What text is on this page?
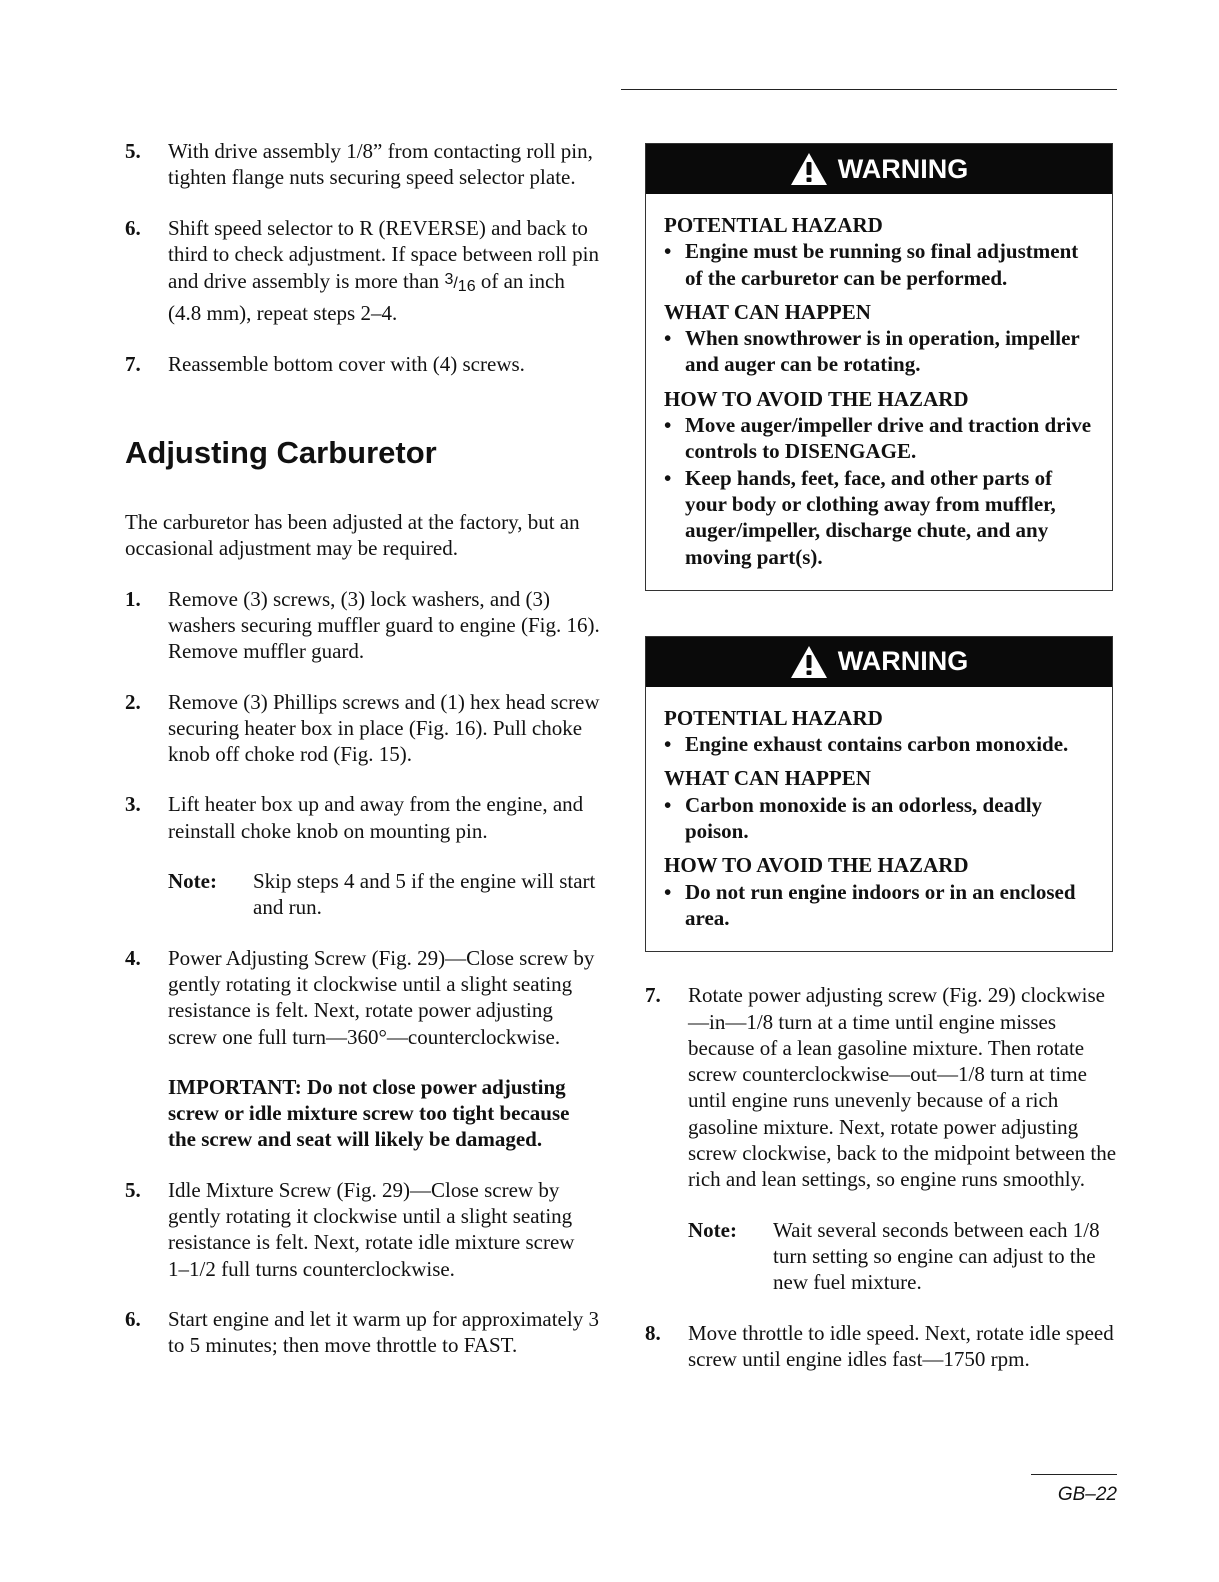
5. With drive assembly 1/8” from contacting roll pin, tighten flange nuts securing speed selector plate.
6. Shift speed selector to R (REVERSE) and back to third to check adjustment. If space between roll pin and drive assembly is more than $^3/_{16}$ of an inch (4.8 mm), repeat steps 2–4.
7. Reassemble bottom cover with (4) screws.
Adjusting Carburetor
The carburetor has been adjusted at the factory, but an occasional adjustment may be required.
1. Remove (3) screws, (3) lock washers, and (3) washers securing muffler guard to engine (Fig. 16). Remove muffler guard.
2. Remove (3) Phillips screws and (1) hex head screw securing heater box in place (Fig. 16). Pull choke knob off choke rod (Fig. 15).
3. Lift heater box up and away from the engine, and reinstall choke knob on mounting pin.
Note: Skip steps 4 and 5 if the engine will start and run.
4. Power Adjusting Screw (Fig. 29)—Close screw by gently rotating it clockwise until a slight seating resistance is felt. Next, rotate power adjusting screw one full turn—360°—counterclockwise.
IMPORTANT: Do not close power adjusting screw or idle mixture screw too tight because the screw and seat will likely be damaged.
5. Idle Mixture Screw (Fig. 29)—Close screw by gently rotating it clockwise until a slight seating resistance is felt. Next, rotate idle mixture screw 1–1/2 full turns counterclockwise.
6. Start engine and let it warm up for approximately 3 to 5 minutes; then move throttle to FAST.
WARNING
POTENTIAL HAZARD
• Engine must be running so final adjustment of the carburetor can be performed.
WHAT CAN HAPPEN
• When snowthrower is in operation, impeller and auger can be rotating.
HOW TO AVOID THE HAZARD
• Move auger/impeller drive and traction drive controls to DISENGAGE.
• Keep hands, feet, face, and other parts of your body or clothing away from muffler, auger/impeller, discharge chute, and any moving part(s).
WARNING
POTENTIAL HAZARD
• Engine exhaust contains carbon monoxide.
WHAT CAN HAPPEN
• Carbon monoxide is an odorless, deadly poison.
HOW TO AVOID THE HAZARD
• Do not run engine indoors or in an enclosed area.
7. Rotate power adjusting screw (Fig. 29) clockwise—in—1/8 turn at a time until engine misses because of a lean gasoline mixture. Then rotate screw counterclockwise—out—1/8 turn at time until engine runs unevenly because of a rich gasoline mixture. Next, rotate power adjusting screw clockwise, back to the midpoint between the rich and lean settings, so engine runs smoothly.
Note: Wait several seconds between each 1/8 turn setting so engine can adjust to the new fuel mixture.
8. Move throttle to idle speed. Next, rotate idle speed screw until engine idles fast—1750 rpm.
GB–22
